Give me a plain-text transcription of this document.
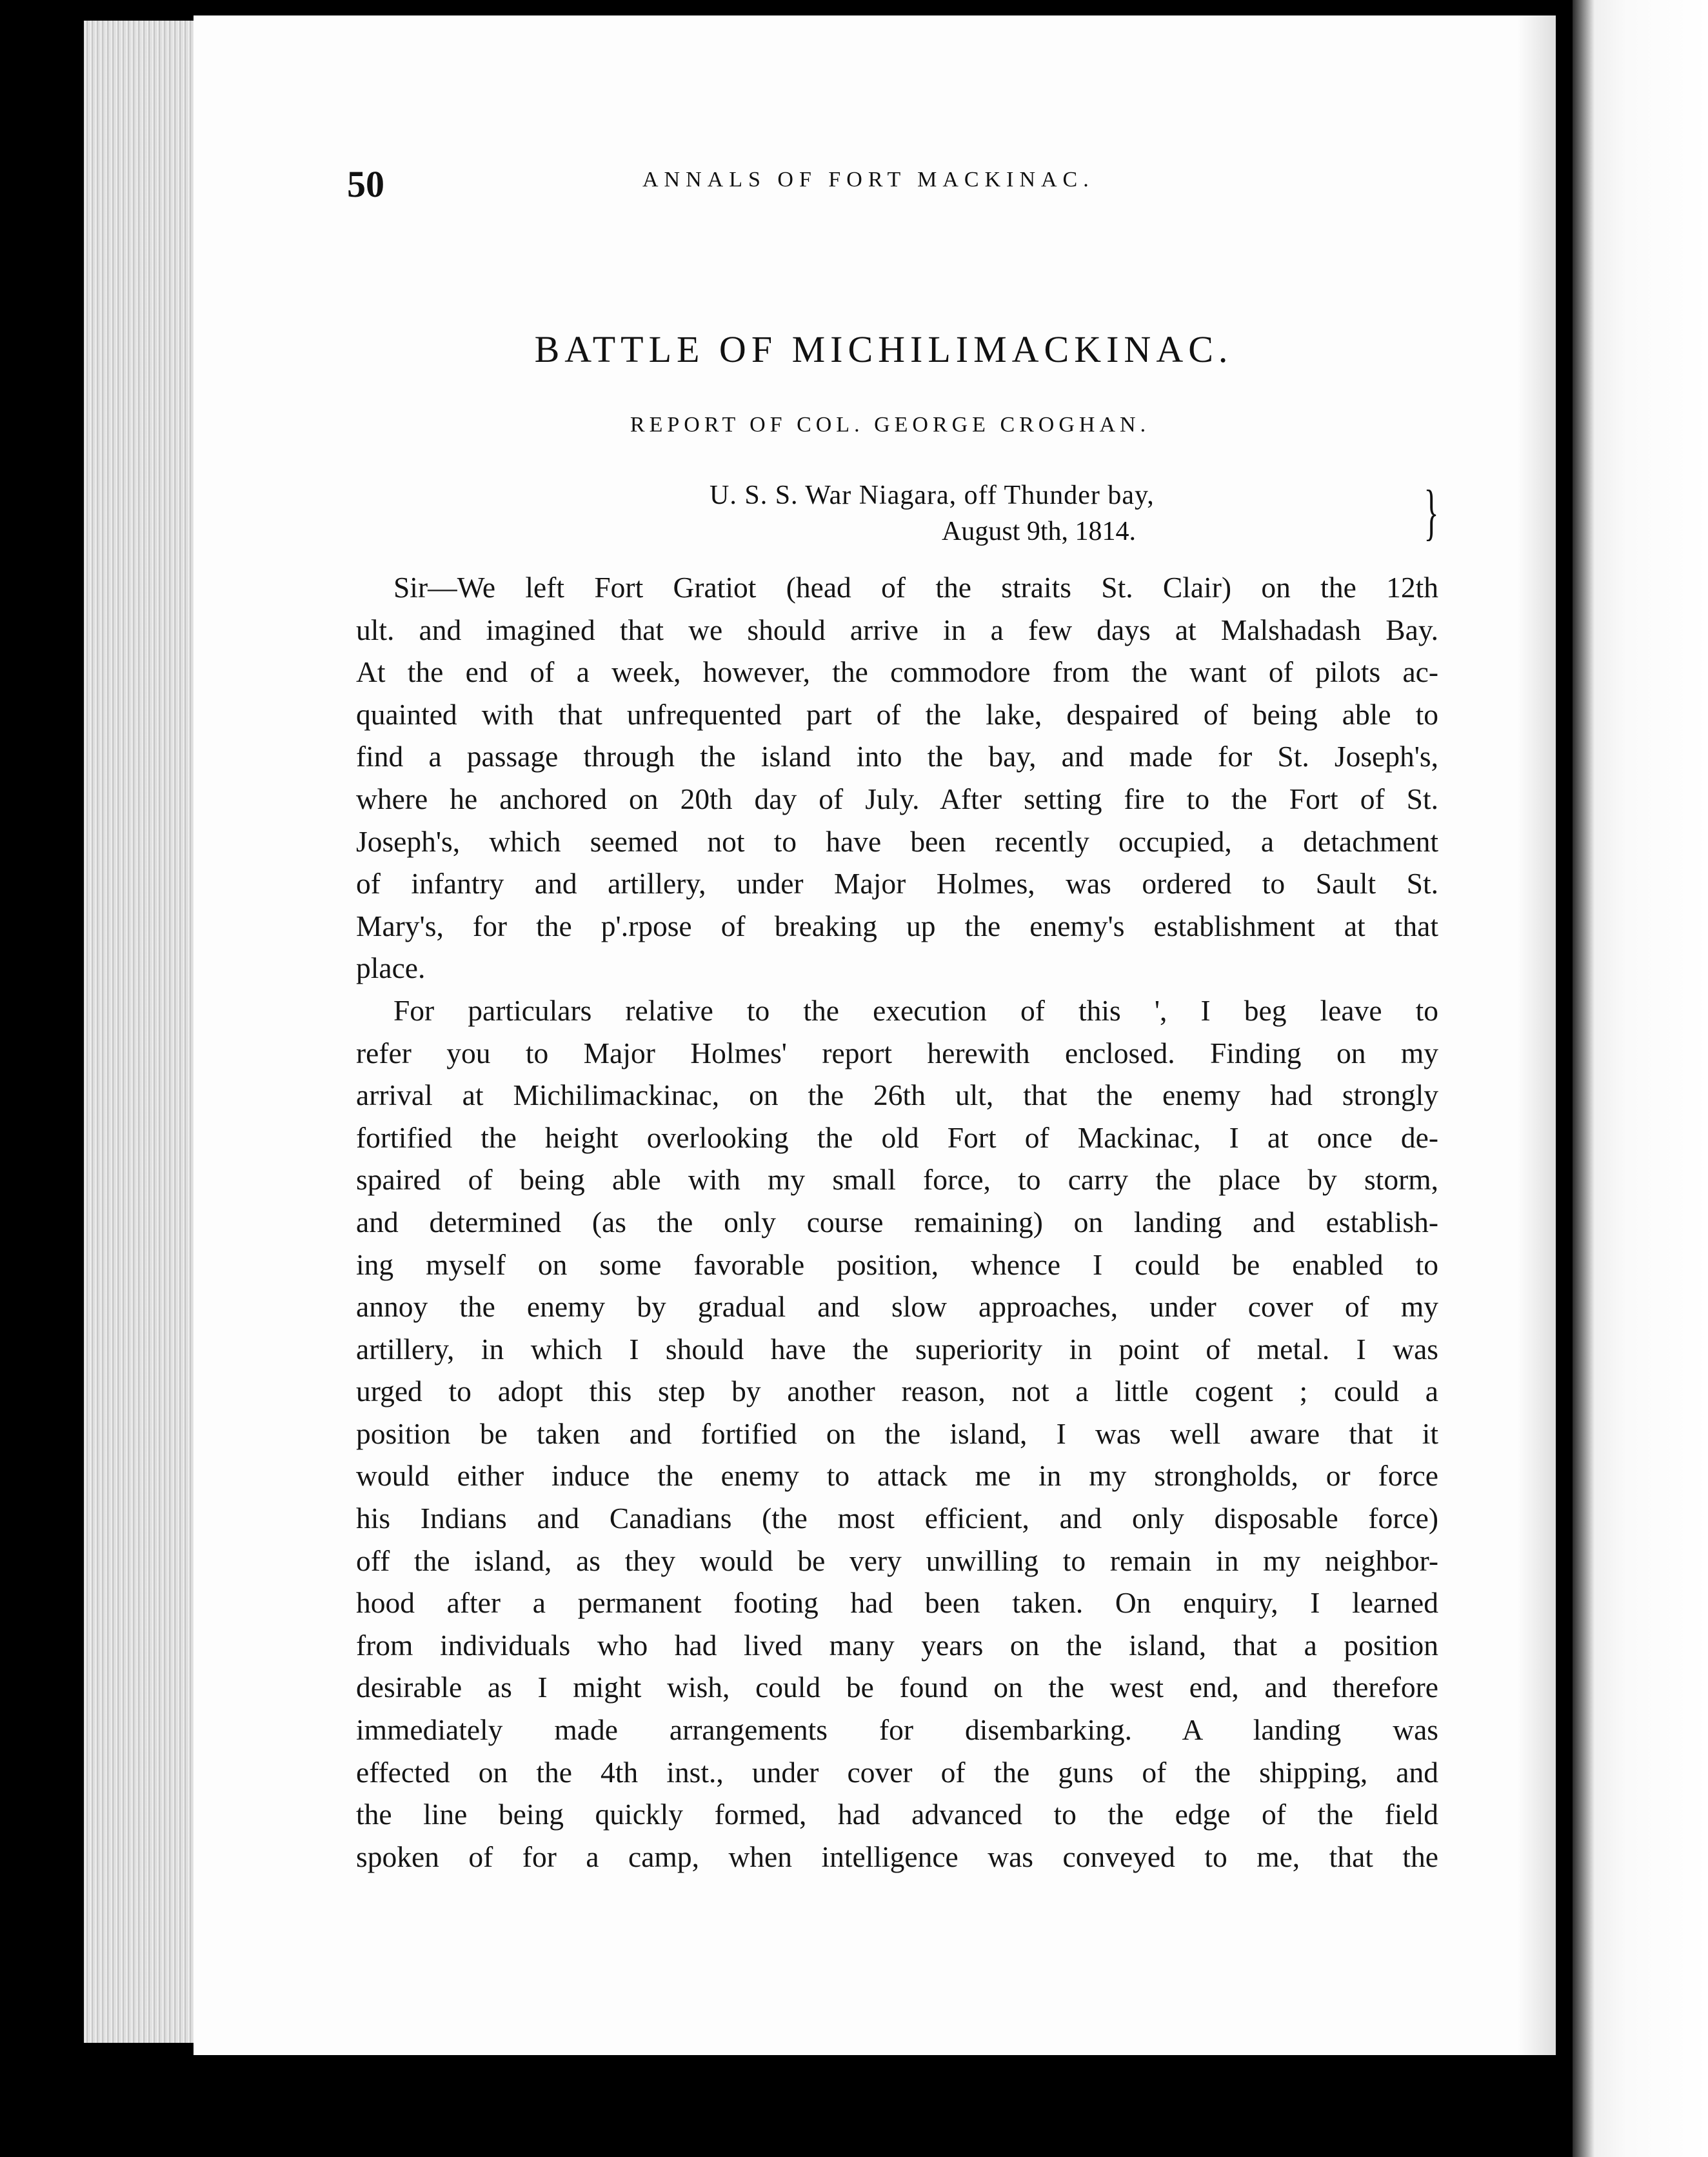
50	ANNALS OF FORT MACKINAC.
BATTLE OF MICHILIMACKINAC.
REPORT OF COL. GEORGE CROGHAN.
U. S. S. War Niagara, off Thunder bay,
August 9th, 1814.	}
Sir—We left Fort Gratiot (head of the straits St. Clair) on the 12th
ult. and imagined that we should arrive in a few days at Malshadash Bay.
At the end of a week, however, the commodore from the want of pilots ac-
quainted with that unfrequented part of the lake, despaired of being able to
find a passage through the island into the bay, and made for St. Joseph's,
where he anchored on 20th day of July. After setting fire to the Fort of St.
Joseph's, which seemed not to have been recently occupied, a detachment
of infantry and artillery, under Major Holmes, was ordered to Sault St.
Mary's, for the p'.rpose of breaking up the enemy's establishment at that
place.
For particulars relative to the execution of this ', I beg leave to
refer you to Major Holmes' report herewith enclosed. Finding on my
arrival at Michilimackinac, on the 26th ult, that the enemy had strongly
fortified the height overlooking the old Fort of Mackinac, I at once de-
spaired of being able with my small force, to carry the place by storm,
and determined (as the only course remaining) on landing and establish-
ing myself on some favorable position, whence I could be enabled to
annoy the enemy by gradual and slow approaches, under cover of my
artillery, in which I should have the superiority in point of metal. I was
urged to adopt this step by another reason, not a little cogent ; could a
position be taken and fortified on the island, I was well aware that it
would either induce the enemy to attack me in my strongholds, or force
his Indians and Canadians (the most efficient, and only disposable force)
off the island, as they would be very unwilling to remain in my neighbor-
hood after a permanent footing had been taken. On enquiry, I learned
from individuals who had lived many years on the island, that a position
desirable as I might wish, could be found on the west end, and therefore
immediately made arrangements for disembarking. A landing was
effected on the 4th inst., under cover of the guns of the shipping, and
the line being quickly formed, had advanced to the edge of the field
spoken of for a camp, when intelligence was conveyed to me, that the
